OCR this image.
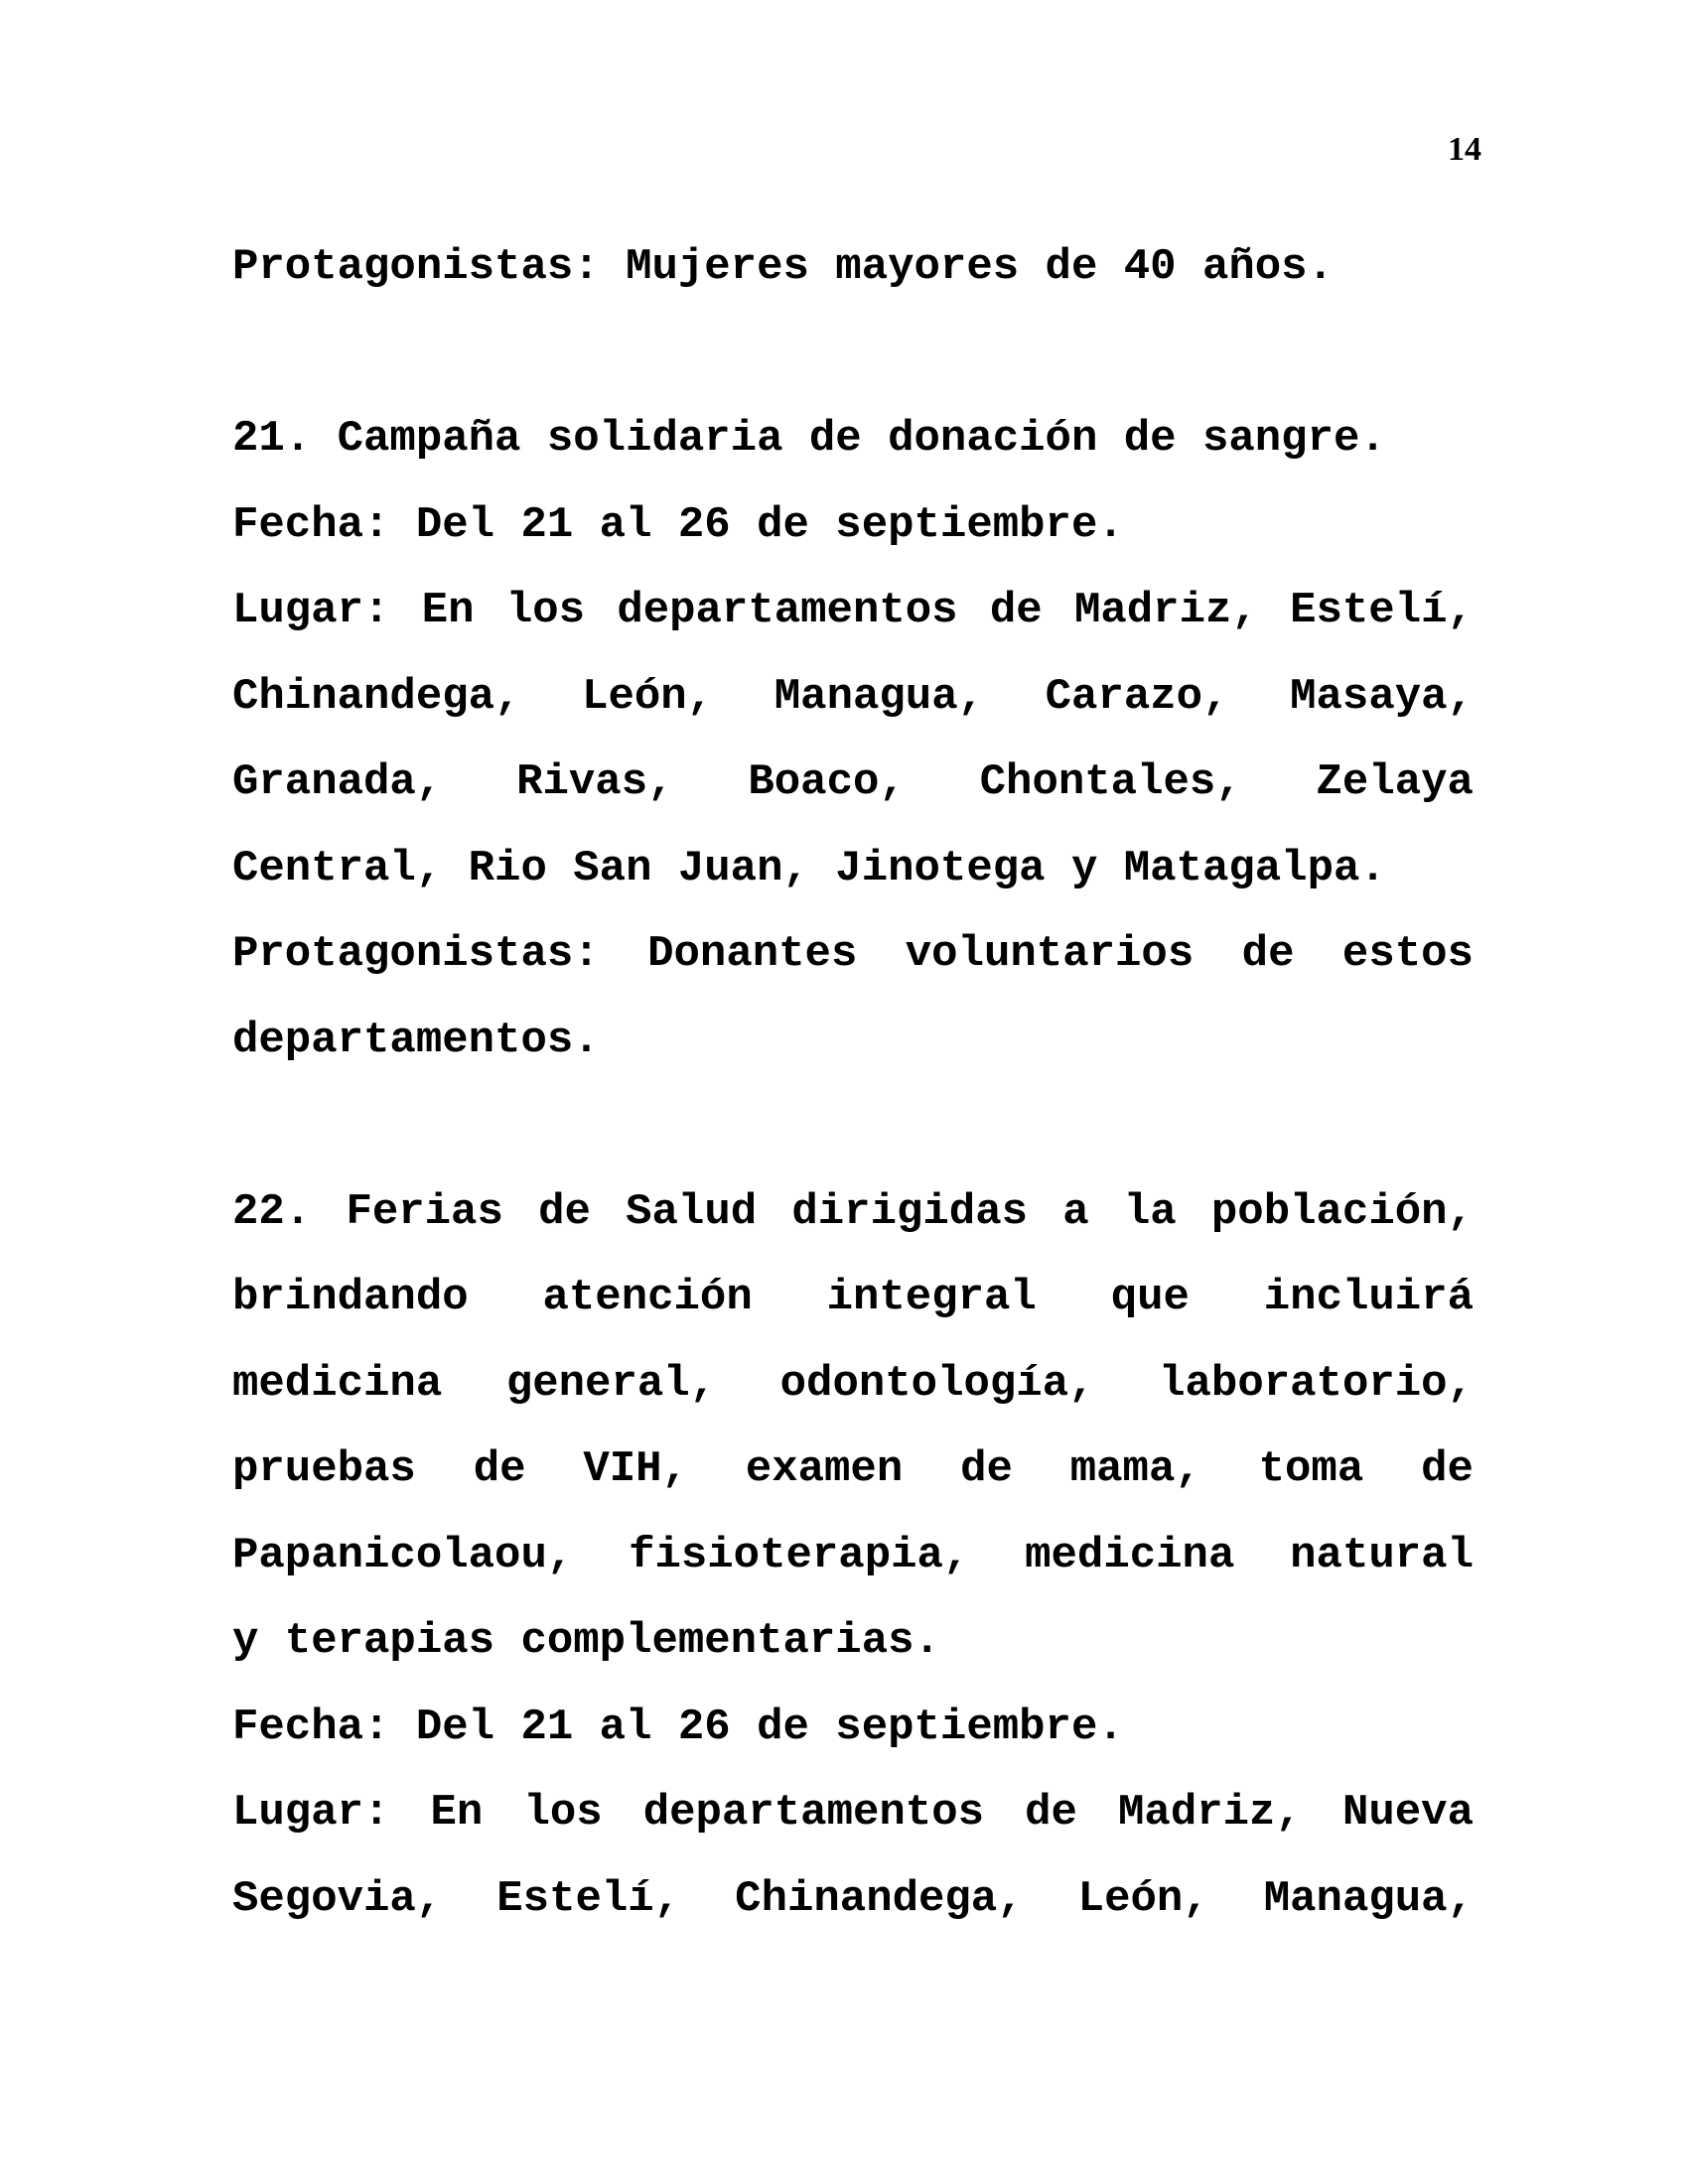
14
Protagonistas: Mujeres mayores de 40 años.
21. Campaña solidaria de donación de sangre.
Fecha: Del 21 al 26 de septiembre.
Lugar: En los departamentos de Madriz, Estelí,
Chinandega, León, Managua, Carazo, Masaya,
Granada, Rivas, Boaco, Chontales, Zelaya
Central, Rio San Juan, Jinotega y Matagalpa.
Protagonistas: Donantes voluntarios de estos
departamentos.
22. Ferias de Salud dirigidas a la población,
brindando atención integral que incluirá
medicina general, odontología, laboratorio,
pruebas de VIH, examen de mama, toma de
Papanicolaou, fisioterapia, medicina natural
y terapias complementarias.
Fecha: Del 21 al 26 de septiembre.
Lugar: En los departamentos de Madriz, Nueva
Segovia, Estelí, Chinandega, León, Managua,
